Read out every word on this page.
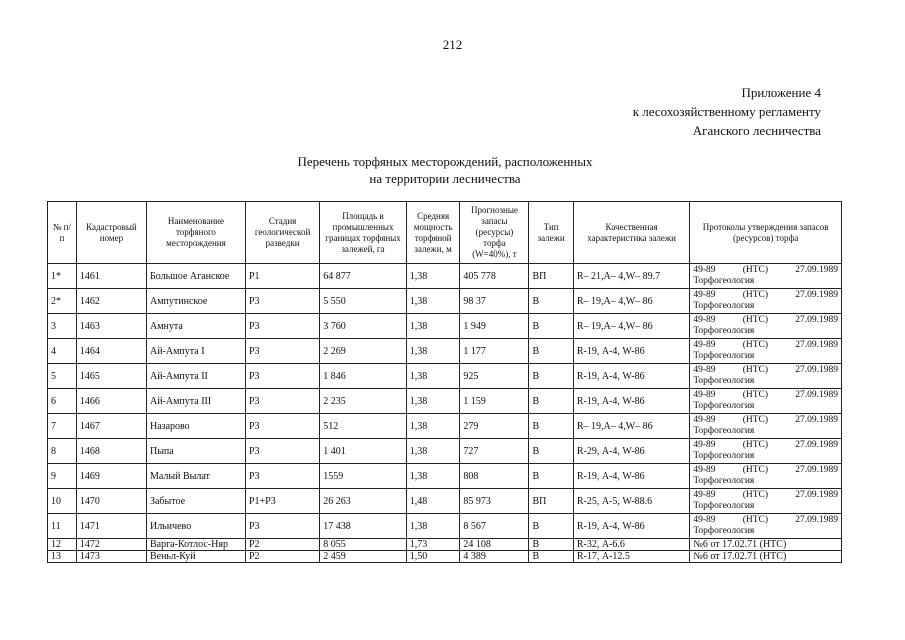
212
Приложение 4
к лесохозяйственному регламенту
Аганского лесничества
Перечень торфяных месторождений, расположенных
на территории лесничества
№ п/п	Кадастровый номер	Наименование торфяного месторождения	Стадия геологической разведки	Площадь в промышленных границах торфяных залежей, га	Средняя мощность торфяной залежи, м	Прогнозные запасы (ресурсы) торфа (W=40%), т	Тип залежи	Качественная характеристика залежи	Протоколы утверждения запасов (ресурсов) торфа
1*	1461	Большое Аганское	Р1	64 877	1,38	405 778	ВП	R– 21,А– 4,W– 89.7	49-89 (НТС) 27.09.1989
Торфогеология

2*	1462	Ампутинское	Р3	5 550	1,38	98 37	В	R– 19,А– 4,W– 86	49-89 (НТС) 27.09.1989
Торфогеология

3	1463	Амнута	Р3	3 760	1,38	1 949	В	R– 19,А– 4,W– 86	49-89 (НТС) 27.09.1989
Торфогеология

4	1464	Ай-Ампута I	Р3	2 269	1,38	1 177	В	R-19, А-4, W-86	49-89 (НТС) 27.09.1989
Торфогеология

5	1465	Ай-Ампута II	Р3	1 846	1,38	925	В	R-19, А-4, W-86	49-89 (НТС) 27.09.1989
Торфогеология

6	1466	Ай-Ампута III	Р3	2 235	1,38	1 159	В	R-19, А-4, W-86	49-89 (НТС) 27.09.1989
Торфогеология

7	1467	Назарово	Р3	512	1,38	279	В	R– 19,А– 4,W– 86	49-89 (НТС) 27.09.1989
Торфогеология

8	1468	Пыпа	Р3	1 401	1,38	727	В	R-29, А-4, W-86	49-89 (НТС) 27.09.1989
Торфогеология

9	1469	Малый Вылат	Р3	1559	1,38	808	В	R-19, А-4, W-86	49-89 (НТС) 27.09.1989
Торфогеология

10	1470	Забытое	Р1+Р3	26 263	1,48	85 973	ВП	R-25, А-5, W-88.6	49-89 (НТС) 27.09.1989
Торфогеология

11	1471	Ильичево	Р3	17 438	1,38	8 567	В	R-19, А-4, W-86	49-89 (НТС) 27.09.1989
Торфогеология

12	1472	Варга-Котлос-Няр	Р2	8 055	1,73	24 108	В	R-32, А-6.6	№6 от 17.02.71 (НТС)
13	1473	Веньл-Куй	Р2	2 459	1,50	4 389	В	R-17, А-12.5	№6 от 17.02.71 (НТС)
